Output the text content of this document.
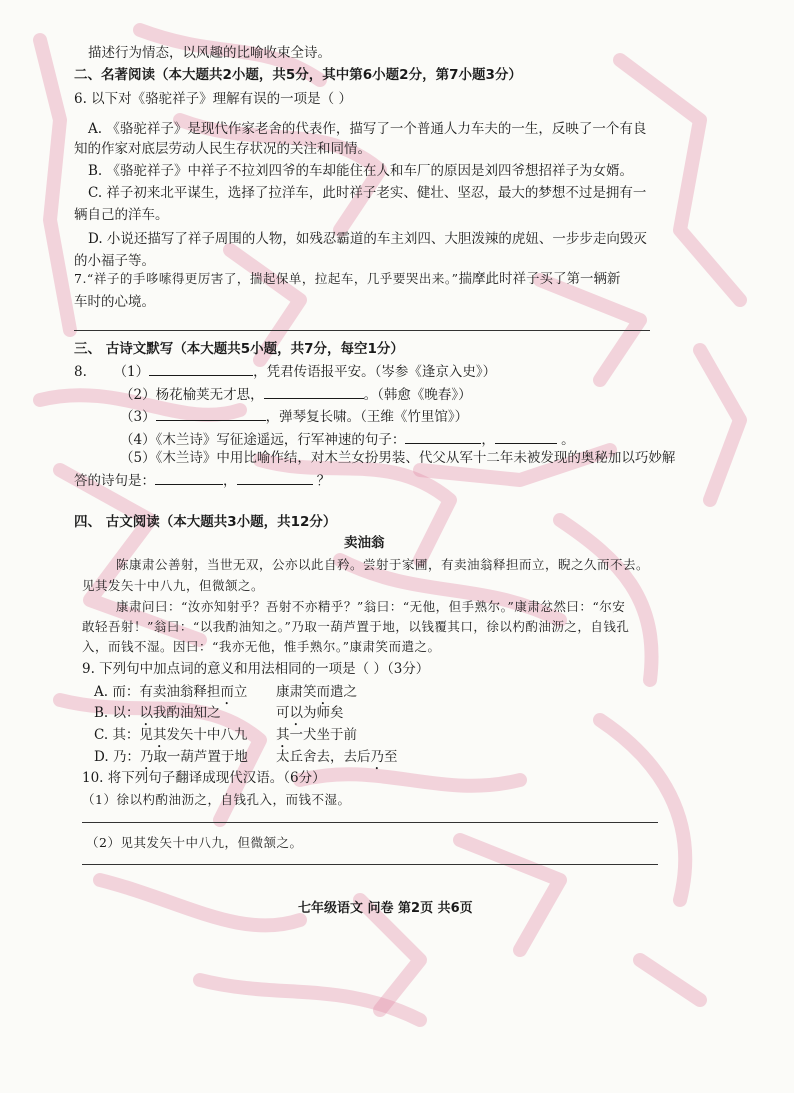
描述行为情态，以风趣的比喻收束全诗。
二、名著阅读（本大题共2小题，共5分，其中第6小题2分，第7小题3分）
6. 以下对《骆驼祥子》理解有误的一项是（ ）
A. 《骆驼祥子》是现代作家老舍的代表作，描写了一个普通人力车夫的一生，反映了一个有良
知的作家对底层劳动人民生存状况的关注和同情。
B. 《骆驼祥子》中祥子不拉刘四爷的车却能住在人和车厂的原因是刘四爷想招祥子为女婿。
C. 祥子初来北平谋生，选择了拉洋车，此时祥子老实、健壮、坚忍，最大的梦想不过是拥有一
辆自己的洋车。
D. 小说还描写了祥子周围的人物，如残忍霸道的车主刘四、大胆泼辣的虎妞、一步步走向毁灭
的小福子等。
7.“祥子的手哆嗦得更厉害了，揣起保单，拉起车，几乎要哭出来。”揣摩此时祥子买了第一辆新
车时的心境。
三、 古诗文默写（本大题共5小题，共7分，每空1分）
8. （1）	，凭君传语报平安。（岑参《逢京入史》）
（2）杨花榆荚无才思，	。（韩愈《晚春》）
（3）	，弹琴复长啸。（王维《竹里馆》）
（4）《木兰诗》写征途遥远，行军神速的句子：	，	。
（5）《木兰诗》中用比喻作结，对木兰女扮男装、代父从军十二年未被发现的奥秘加以巧妙解
答的诗句是：	，	？
四、 古文阅读（本大题共3小题，共12分）
卖油翁
陈康肃公善射，当世无双，公亦以此自矜。尝射于家圃，有卖油翁释担而立，睨之久而不去。
见其发矢十中八九，但微颔之。
康肃问曰：“汝亦知射乎？吾射不亦精乎？”翁曰：“无他，但手熟尔。”康肃忿然曰：“尔安
敢轻吾射！”翁曰：“以我酌油知之。”乃取一葫芦置于地，以钱覆其口，徐以杓酌油沥之，自钱孔
入，而钱不湿。因曰：“我亦无他，惟手熟尔。”康肃笑而遣之。
9. 下列句中加点词的意义和用法相同的一项是（ ）（3分）
A. 而：有卖油翁释担而立 康肃笑而遣之
B. 以：以我酌油知之	可以为师矣
C. 其：见其发矢十中八九 其一犬坐于前
D. 乃：乃取一葫芦置于地 太丘舍去，去后乃至
10. 将下列句子翻译成现代汉语。（6分）
（1）徐以杓酌油沥之，自钱孔入，而钱不湿。
（2）见其发矢十中八九，但微颔之。
七年级语文 问卷 第2页 共6页
